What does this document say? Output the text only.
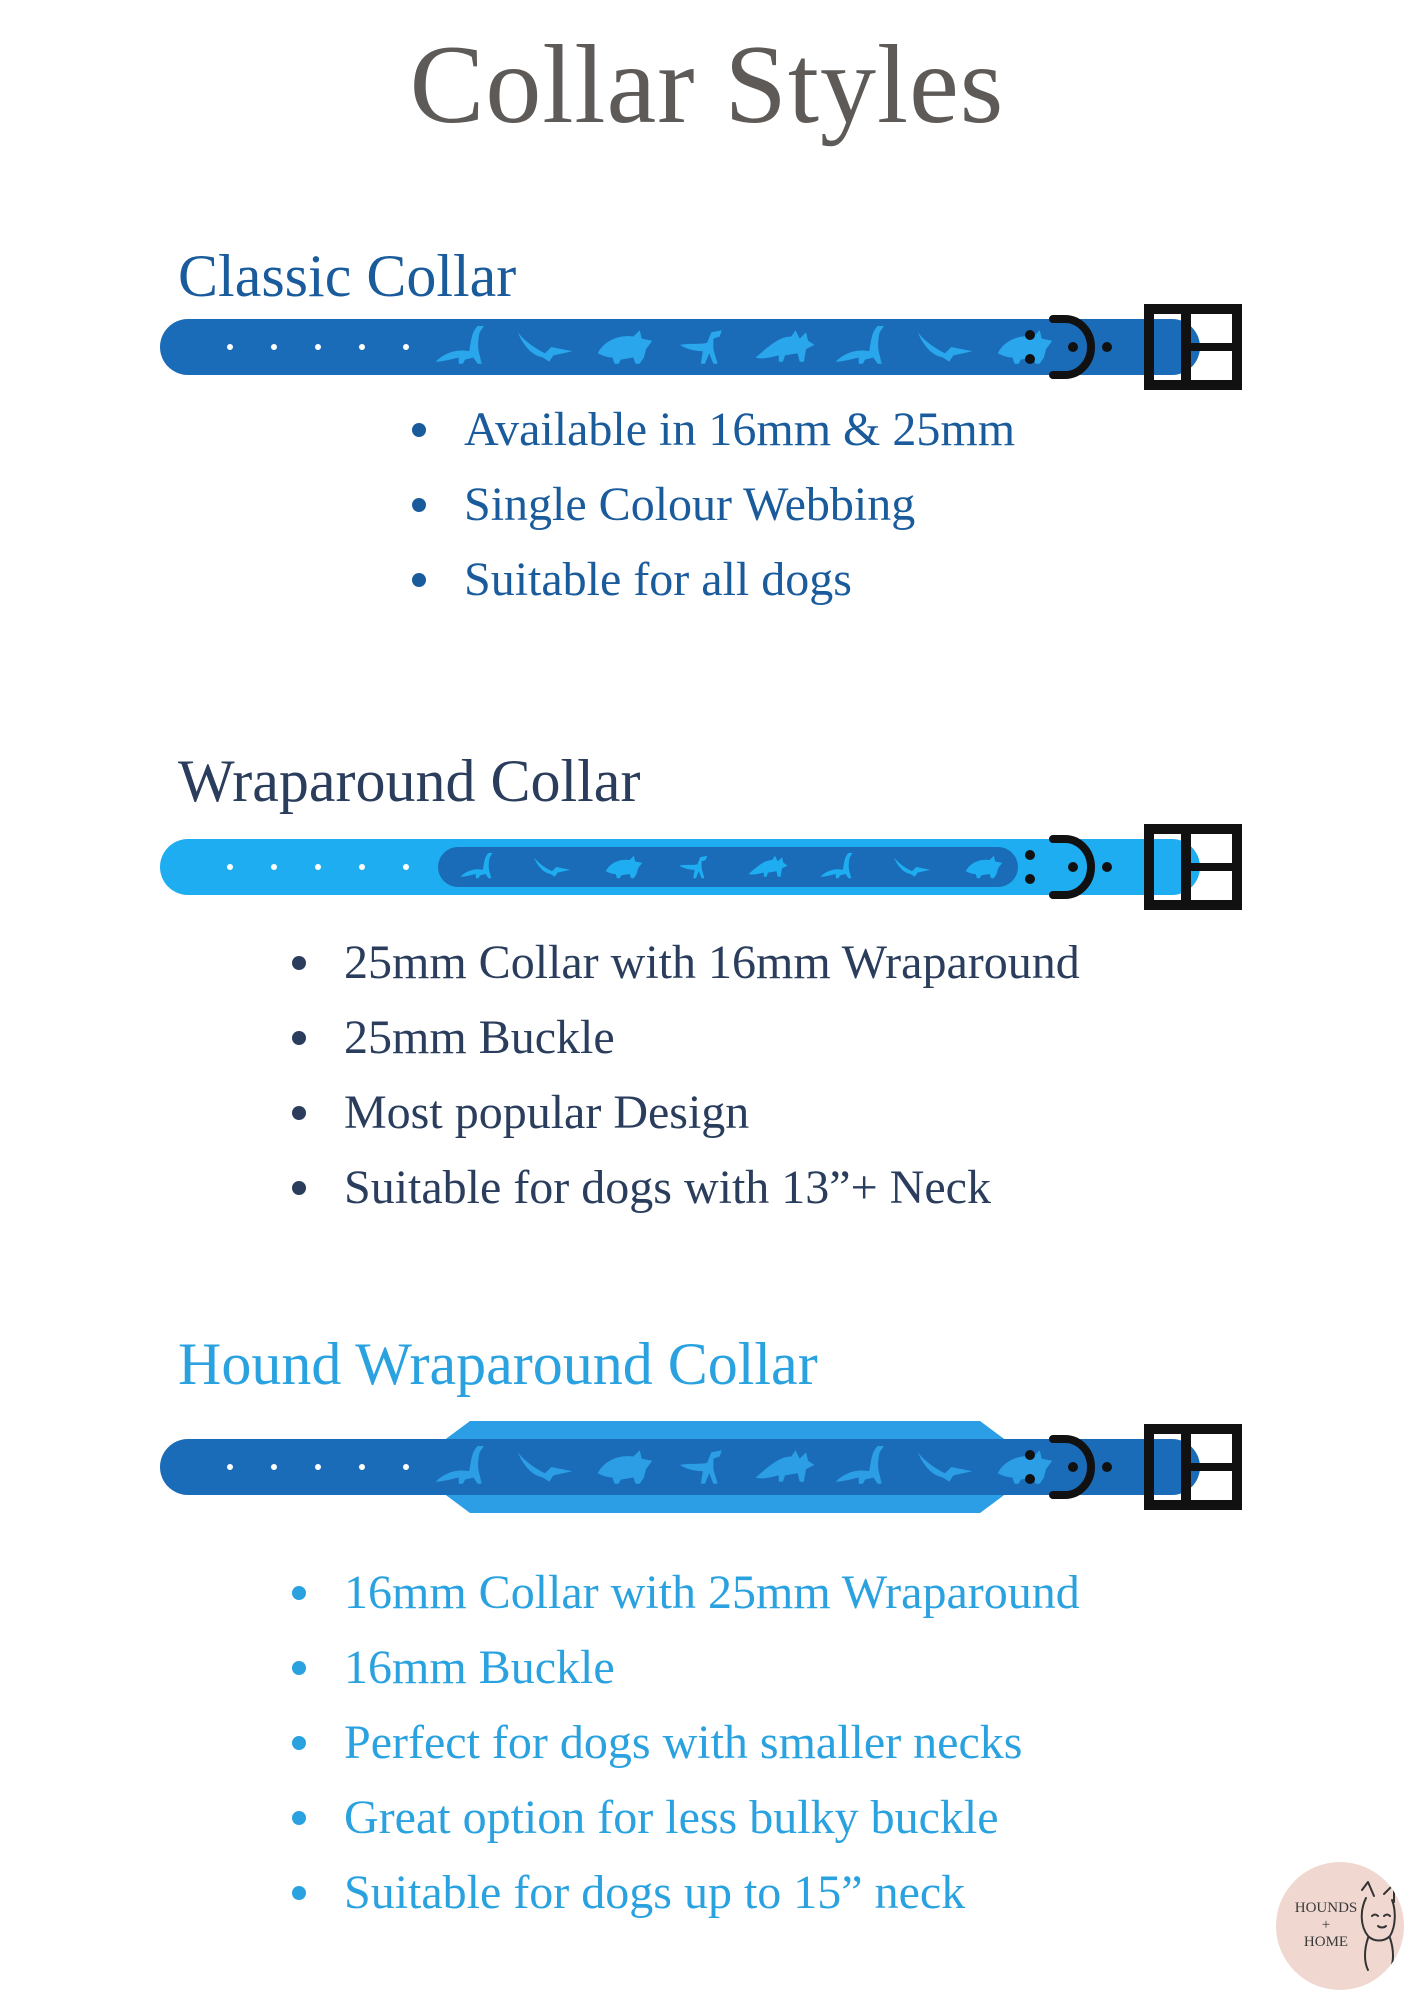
Collar Styles
Classic Collar
Available in 16mm & 25mm
Single Colour Webbing
Suitable for all dogs
Wraparound Collar
25mm Collar with 16mm Wraparound
25mm Buckle
Most popular Design
Suitable for dogs with 13”+ Neck
Hound Wraparound Collar
16mm Collar with 25mm Wraparound
16mm Buckle
Perfect for dogs with smaller necks
Great option for less bulky buckle
Suitable for dogs up to 15” neck	HOUNDS
+
HOME
